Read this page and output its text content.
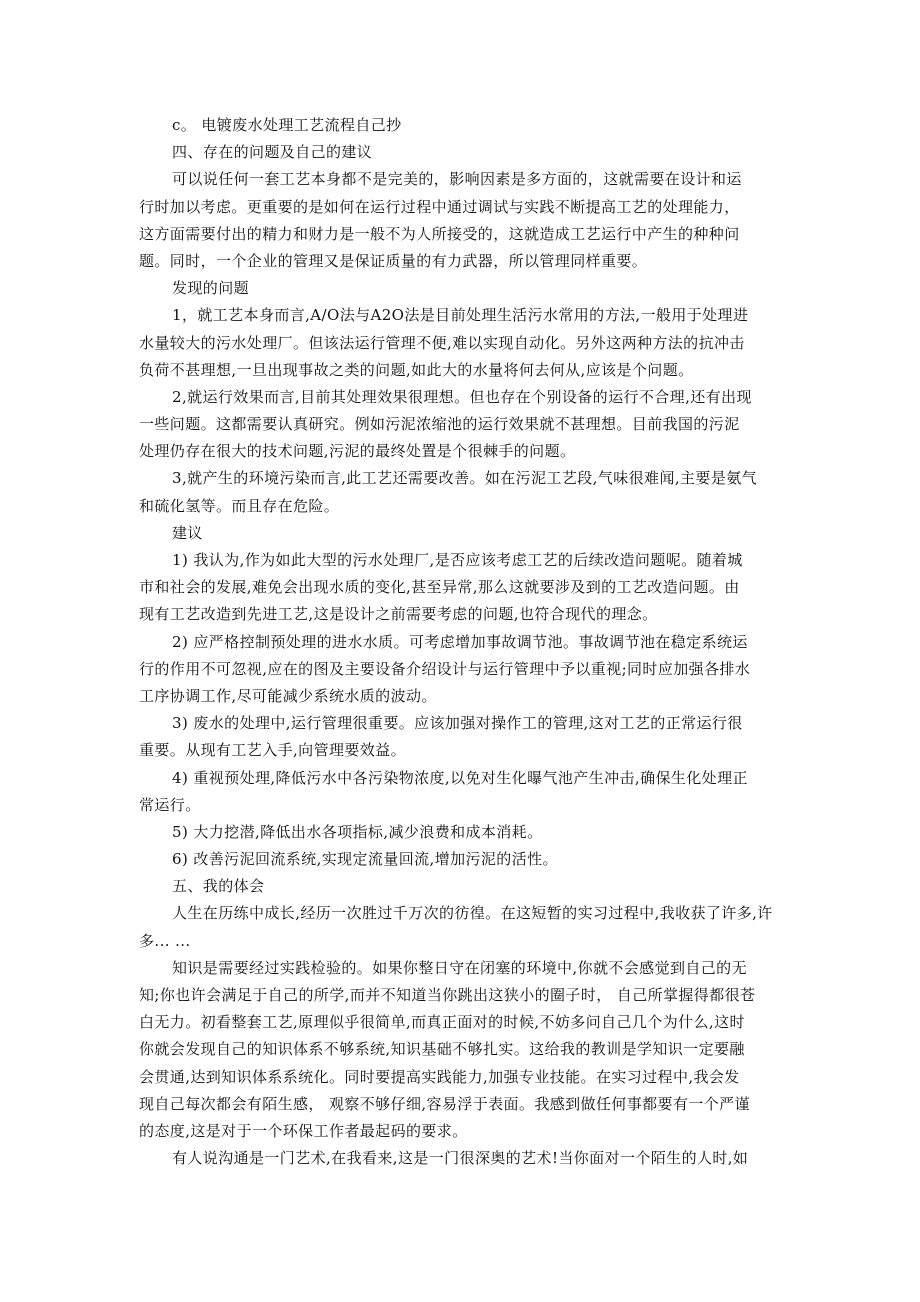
c。 电镀废水处理工艺流程自己抄
四、存在的问题及自己的建议
可以说任何一套工艺本身都不是完美的，影响因素是多方面的，这就需要在设计和运
行时加以考虑。更重要的是如何在运行过程中通过调试与实践不断提高工艺的处理能力，
这方面需要付出的精力和财力是一般不为人所接受的，这就造成工艺运行中产生的种种问
题。同时，一个企业的管理又是保证质量的有力武器，所以管理同样重要。
发现的问题
1，就工艺本身而言,A/O法与A2O法是目前处理生活污水常用的方法,一般用于处理进
水量较大的污水处理厂。但该法运行管理不便,难以实现自动化。另外这两种方法的抗冲击
负荷不甚理想,一旦出现事故之类的问题,如此大的水量将何去何从,应该是个问题。
2,就运行效果而言,目前其处理效果很理想。但也存在个别设备的运行不合理,还有出现
一些问题。这都需要认真研究。例如污泥浓缩池的运行效果就不甚理想。目前我国的污泥
处理仍存在很大的技术问题,污泥的最终处置是个很棘手的问题。
3,就产生的环境污染而言,此工艺还需要改善。如在污泥工艺段,气味很难闻,主要是氨气
和硫化氢等。而且存在危险。
建议
1) 我认为,作为如此大型的污水处理厂,是否应该考虑工艺的后续改造问题呢。随着城
市和社会的发展,难免会出现水质的变化,甚至异常,那么这就要涉及到的工艺改造问题。由
现有工艺改造到先进工艺,这是设计之前需要考虑的问题,也符合现代的理念。
2) 应严格控制预处理的进水水质。可考虑增加事故调节池。事故调节池在稳定系统运
行的作用不可忽视,应在的图及主要设备介绍设计与运行管理中予以重视;同时应加强各排水
工序协调工作,尽可能减少系统水质的波动。
3) 废水的处理中,运行管理很重要。应该加强对操作工的管理,这对工艺的正常运行很
重要。从现有工艺入手,向管理要效益。
4) 重视预处理,降低污水中各污染物浓度,以免对生化曝气池产生冲击,确保生化处理正
常运行。
5) 大力挖潜,降低出水各项指标,减少浪费和成本消耗。
6) 改善污泥回流系统,实现定流量回流,增加污泥的活性。
五、我的体会
人生在历练中成长,经历一次胜过千万次的彷徨。在这短暂的实习过程中,我收获了许多,许
多... ...
知识是需要经过实践检验的。如果你整日守在闭塞的环境中,你就不会感觉到自己的无
知;你也许会满足于自己的所学,而并不知道当你跳出这狭小的圈子时， 自己所掌握得都很苍
白无力。初看整套工艺,原理似乎很简单,而真正面对的时候,不妨多问自己几个为什么,这时
你就会发现自己的知识体系不够系统,知识基础不够扎实。这给我的教训是学知识一定要融
会贯通,达到知识体系系统化。同时要提高实践能力,加强专业技能。在实习过程中,我会发
现自己每次都会有陌生感， 观察不够仔细,容易浮于表面。我感到做任何事都要有一个严谨
的态度,这是对于一个环保工作者最起码的要求。
有人说沟通是一门艺术,在我看来,这是一门很深奥的艺术!当你面对一个陌生的人时,如
